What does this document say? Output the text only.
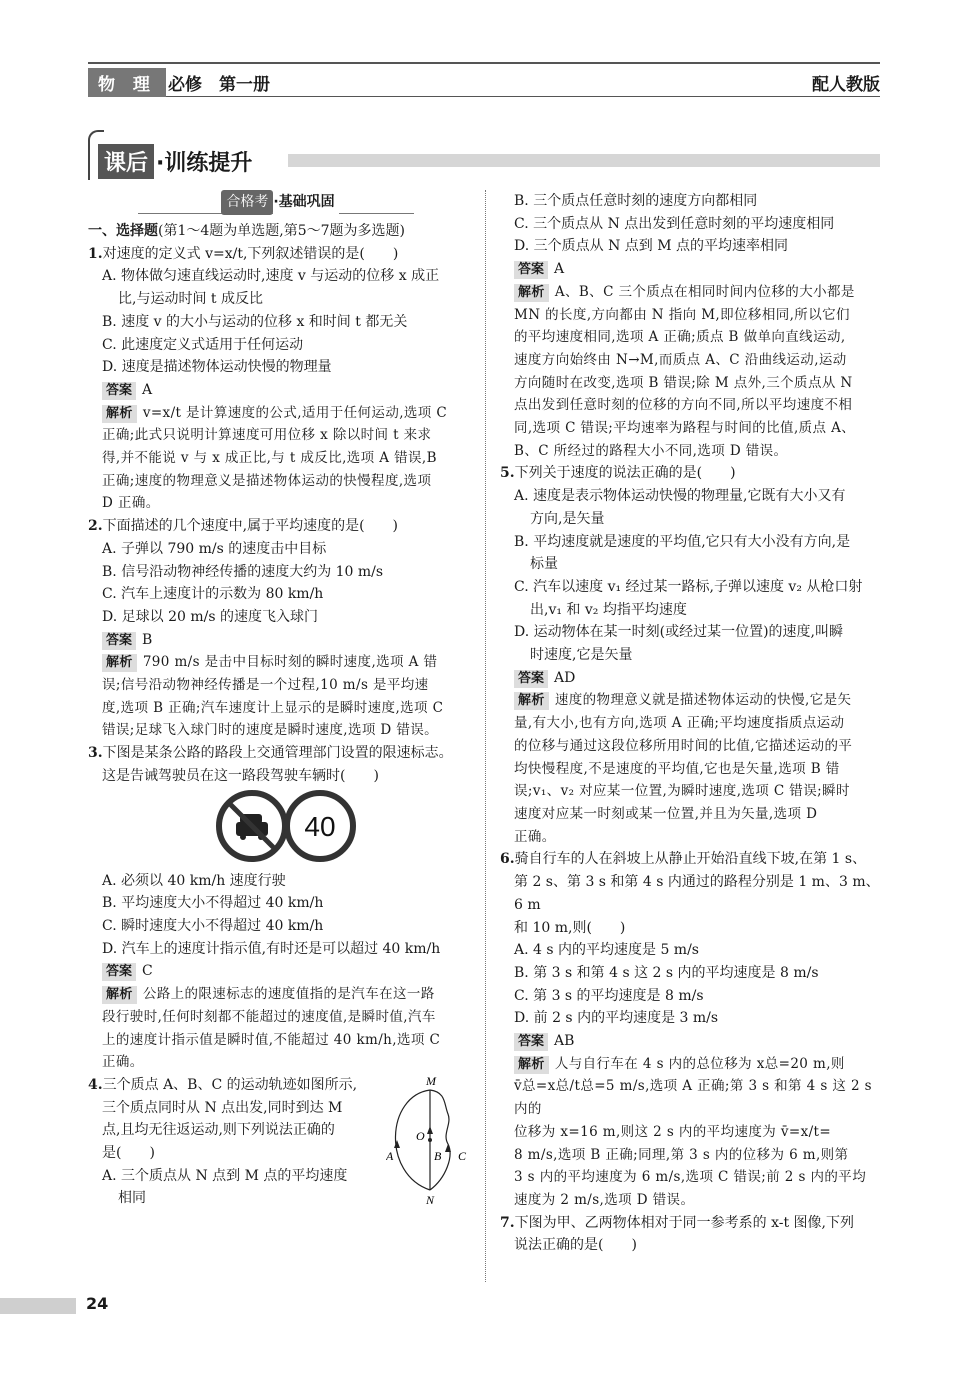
物 理 必修　第一册	配人教版
课后 ·训练提升
合格考 ·基础巩固

一、选择题(第1～4题为单选题,第5～7题为多选题)

1.对速度的定义式 v=x/t,下列叙述错误的是(　　)

A. 物体做匀速直线运动时,速度 v 与运动的位移 x 成正

比,与运动时间 t 成反比

B. 速度 v 的大小与运动的位移 x 和时间 t 都无关

C. 此速度定义式适用于任何运动

D. 速度是描述物体运动快慢的物理量

答案 A

解析 v=x/t 是计算速度的公式,适用于任何运动,选项 C

正确;此式只说明计算速度可用位移 x 除以时间 t 来求

得,并不能说 v 与 x 成正比,与 t 成反比,选项 A 错误,B

正确;速度的物理意义是描述物体运动的快慢程度,选项

D 正确。

2.下面描述的几个速度中,属于平均速度的是(　　)

A. 子弹以 790 m/s 的速度击中目标

B. 信号沿动物神经传播的速度大约为 10 m/s

C. 汽车上速度计的示数为 80 km/h

D. 足球以 20 m/s 的速度飞入球门

答案 B

解析 790 m/s 是击中目标时刻的瞬时速度,选项 A 错

误;信号沿动物神经传播是一个过程,10 m/s 是平均速

度,选项 B 正确;汽车速度计上显示的是瞬时速度,选项 C

错误;足球飞入球门时的速度是瞬时速度,选项 D 错误。

3.下图是某条公路的路段上交通管理部门设置的限速标志。

这是告诫驾驶员在这一路段驾驶车辆时(　　)

40

A. 必须以 40 km/h 速度行驶

B. 平均速度大小不得超过 40 km/h

C. 瞬时速度大小不得超过 40 km/h

D. 汽车上的速度计指示值,有时还是可以超过 40 km/h

答案 C

解析 公路上的限速标志的速度值指的是汽车在这一路

段行驶时,任何时刻都不能超过的速度值,是瞬时值,汽车

上的速度计指示值是瞬时值,不能超过 40 km/h,选项 C

正确。

4.三个质点 A、B、C 的运动轨迹如图所示,

三个质点同时从 N 点出发,同时到达 M

点,且均无往返运动,则下列说法正确的

是(　　)

A. 三个质点从 N 点到 M 点的平均速度

相同

M
N
O
A	B C

B. 三个质点任意时刻的速度方向都相同

C. 三个质点从 N 点出发到任意时刻的平均速度相同

D. 三个质点从 N 点到 M 点的平均速率相同

答案 A

解析 A、B、C 三个质点在相同时间内位移的大小都是

MN 的长度,方向都由 N 指向 M,即位移相同,所以它们

的平均速度相同,选项 A 正确;质点 B 做单向直线运动,

速度方向始终由 N→M,而质点 A、C 沿曲线运动,运动

方向随时在改变,选项 B 错误;除 M 点外,三个质点从 N

点出发到任意时刻的位移的方向不同,所以平均速度不相

同,选项 C 错误;平均速率为路程与时间的比值,质点 A、

B、C 所经过的路程大小不同,选项 D 错误。

5.下列关于速度的说法正确的是(　　)

A. 速度是表示物体运动快慢的物理量,它既有大小又有

方向,是矢量

B. 平均速度就是速度的平均值,它只有大小没有方向,是

标量

C. 汽车以速度 v₁ 经过某一路标,子弹以速度 v₂ 从枪口射

出,v₁ 和 v₂ 均指平均速度

D. 运动物体在某一时刻(或经过某一位置)的速度,叫瞬

时速度,它是矢量

答案 AD

解析 速度的物理意义就是描述物体运动的快慢,它是矢

量,有大小,也有方向,选项 A 正确;平均速度指质点运动

的位移与通过这段位移所用时间的比值,它描述运动的平

均快慢程度,不是速度的平均值,它也是矢量,选项 B 错

误;v₁、v₂ 对应某一位置,为瞬时速度,选项 C 错误;瞬时

速度对应某一时刻或某一位置,并且为矢量,选项 D

正确。

6.骑自行车的人在斜坡上从静止开始沿直线下坡,在第 1 s、

第 2 s、第 3 s 和第 4 s 内通过的路程分别是 1 m、3 m、6 m

和 10 m,则(　　)

A. 4 s 内的平均速度是 5 m/s

B. 第 3 s 和第 4 s 这 2 s 内的平均速度是 8 m/s

C. 第 3 s 的平均速度是 8 m/s

D. 前 2 s 内的平均速度是 3 m/s

答案 AB

解析 人与自行车在 4 s 内的总位移为 x总=20 m,则

v̄总=x总/t总=5 m/s,选项 A 正确;第 3 s 和第 4 s 这 2 s 内的

位移为 x=16 m,则这 2 s 内的平均速度为 v̄=x/t=

8 m/s,选项 B 正确;同理,第 3 s 内的位移为 6 m,则第

3 s 内的平均速度为 6 m/s,选项 C 错误;前 2 s 内的平均

速度为 2 m/s,选项 D 错误。

7.下图为甲、乙两物体相对于同一参考系的 x-t 图像,下列

说法正确的是(　　)

24
